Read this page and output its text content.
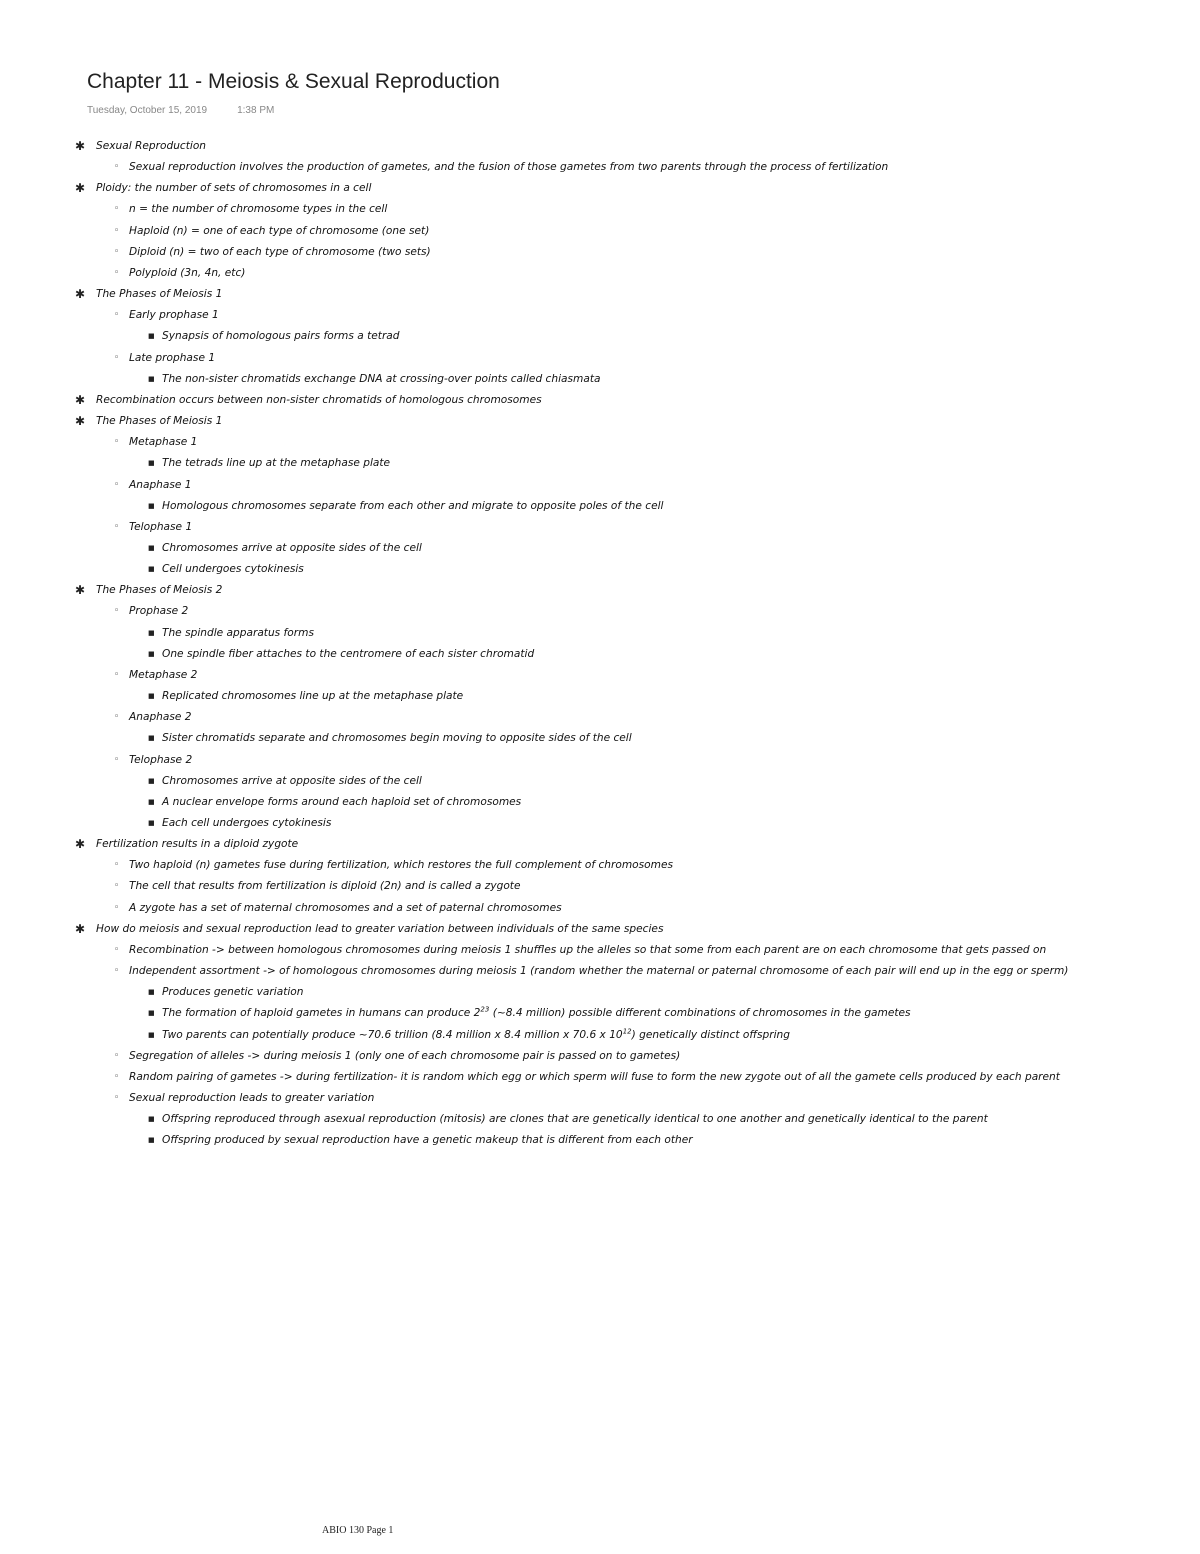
Chapter 11 - Meiosis & Sexual Reproduction
Tuesday, October 15, 2019	1:38 PM
✱ Sexual Reproduction
◦ Sexual reproduction involves the production of gametes, and the fusion of those gametes from two parents through the process of fertilization
✱ Ploidy: the number of sets of chromosomes in a cell
◦ n = the number of chromosome types in the cell
◦ Haploid (n) = one of each type of chromosome (one set)
◦ Diploid (n) = two of each type of chromosome (two sets)
◦ Polyploid (3n, 4n, etc)
✱ The Phases of Meiosis 1
◦ Early prophase 1
■ Synapsis of homologous pairs forms a tetrad
◦ Late prophase 1
■ The non-sister chromatids exchange DNA at crossing-over points called chiasmata
✱ Recombination occurs between non-sister chromatids of homologous chromosomes
✱ The Phases of Meiosis 1
◦ Metaphase 1
■ The tetrads line up at the metaphase plate
◦ Anaphase 1
■ Homologous chromosomes separate from each other and migrate to opposite poles of the cell
◦ Telophase 1
■ Chromosomes arrive at opposite sides of the cell
■ Cell undergoes cytokinesis
✱ The Phases of Meiosis 2
◦ Prophase 2
■ The spindle apparatus forms
■ One spindle fiber attaches to the centromere of each sister chromatid
◦ Metaphase 2
■ Replicated chromosomes line up at the metaphase plate
◦ Anaphase 2
■ Sister chromatids separate and chromosomes begin moving to opposite sides of the cell
◦ Telophase 2
■ Chromosomes arrive at opposite sides of the cell
■ A nuclear envelope forms around each haploid set of chromosomes
■ Each cell undergoes cytokinesis
✱ Fertilization results in a diploid zygote
◦ Two haploid (n) gametes fuse during fertilization, which restores the full complement of chromosomes
◦ The cell that results from fertilization is diploid (2n) and is called a zygote
◦ A zygote has a set of maternal chromosomes and a set of paternal chromosomes
✱ How do meiosis and sexual reproduction lead to greater variation between individuals of the same species
◦ Recombination -> between homologous chromosomes during meiosis 1 shuffles up the alleles so that some from each parent are on each chromosome that gets passed on
◦ Independent assortment -> of homologous chromosomes during meiosis 1 (random whether the maternal or paternal chromosome of each pair will end up in the egg or sperm)
■ Produces genetic variation
■ The formation of haploid gametes in humans can produce $2^{23}$ (~8.4 million) possible different combinations of chromosomes in the gametes
■ Two parents can potentially produce ~70.6 trillion (8.4 million x 8.4 million x 70.6 x $10^{12}$) genetically distinct offspring
◦ Segregation of alleles -> during meiosis 1 (only one of each chromosome pair is passed on to gametes)
◦ Random pairing of gametes -> during fertilization- it is random which egg or which sperm will fuse to form the new zygote out of all the gamete cells produced by each parent
◦ Sexual reproduction leads to greater variation
■ Offspring reproduced through asexual reproduction (mitosis) are clones that are genetically identical to one another and genetically identical to the parent
■ Offspring produced by sexual reproduction have a genetic makeup that is different from each other
ABIO 130 Page 1
